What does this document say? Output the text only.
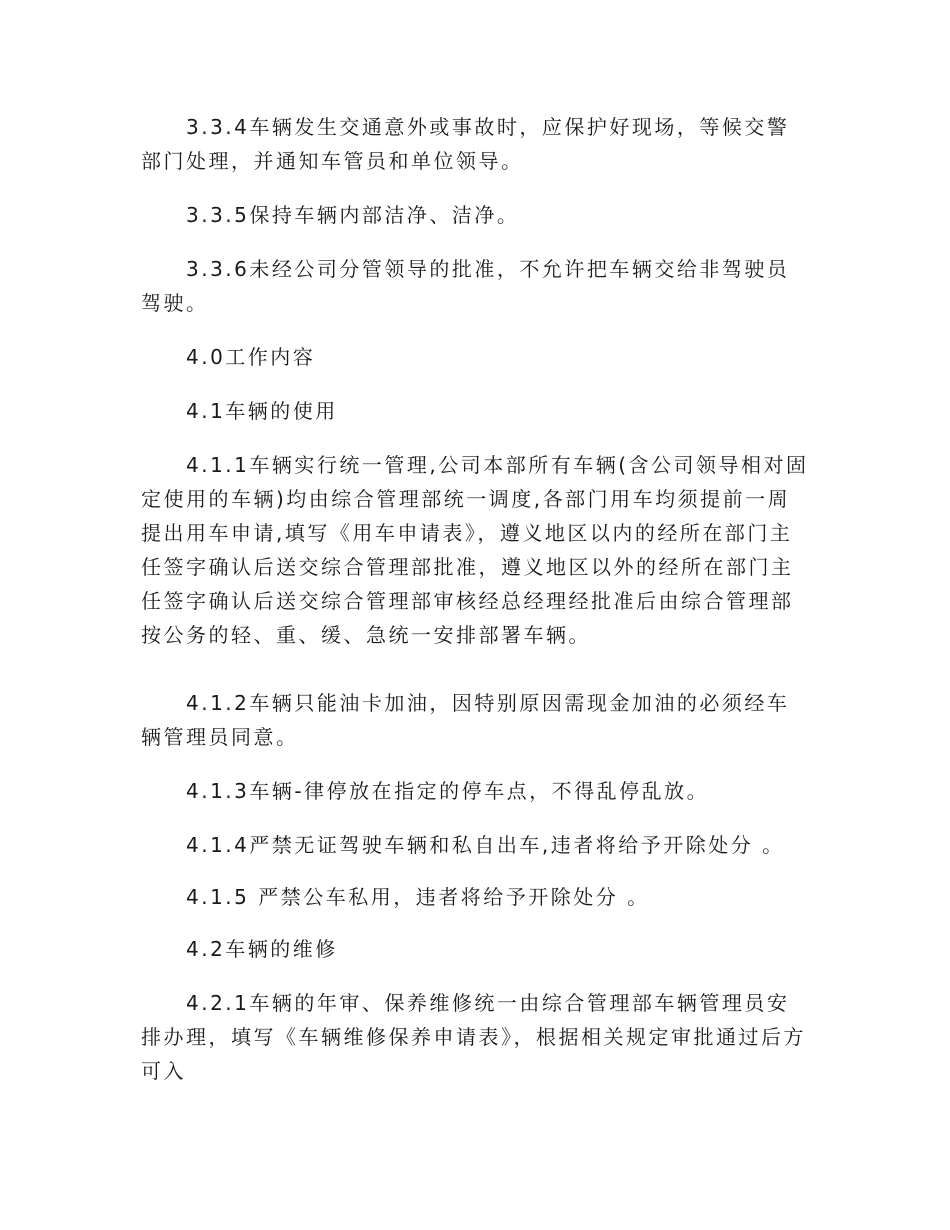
3.3.4车辆发生交通意外或事故时，应保护好现场，等候交警部门处理，并通知车管员和单位领导。

3.3.5保持车辆内部洁净、洁净。

3.3.6未经公司分管领导的批准，不允许把车辆交给非驾驶员驾驶。

4.0工作内容

4.1车辆的使用

4.1.1车辆实行统一管理,公司本部所有车辆(含公司领导相对固定使用的车辆)均由综合管理部统一调度,各部门用车均须提前一周提出用车申请,填写《用车申请表》，遵义地区以内的经所在部门主任签字确认后送交综合管理部批准，遵义地区以外的经所在部门主任签字确认后送交综合管理部审核经总经理经批准后由综合管理部按公务的轻、重、缓、急统一安排部署车辆。

4.1.2车辆只能油卡加油，因特别原因需现金加油的必须经车辆管理员同意。

4.1.3车辆-律停放在指定的停车点，不得乱停乱放。

4.1.4严禁无证驾驶车辆和私自出车,违者将给予开除处分 。

4.1.5 严禁公车私用，违者将给予开除处分 。

4.2车辆的维修

4.2.1车辆的年审、保养维修统一由综合管理部车辆管理员安排办理，填写《车辆维修保养申请表》，根据相关规定审批通过后方可入
